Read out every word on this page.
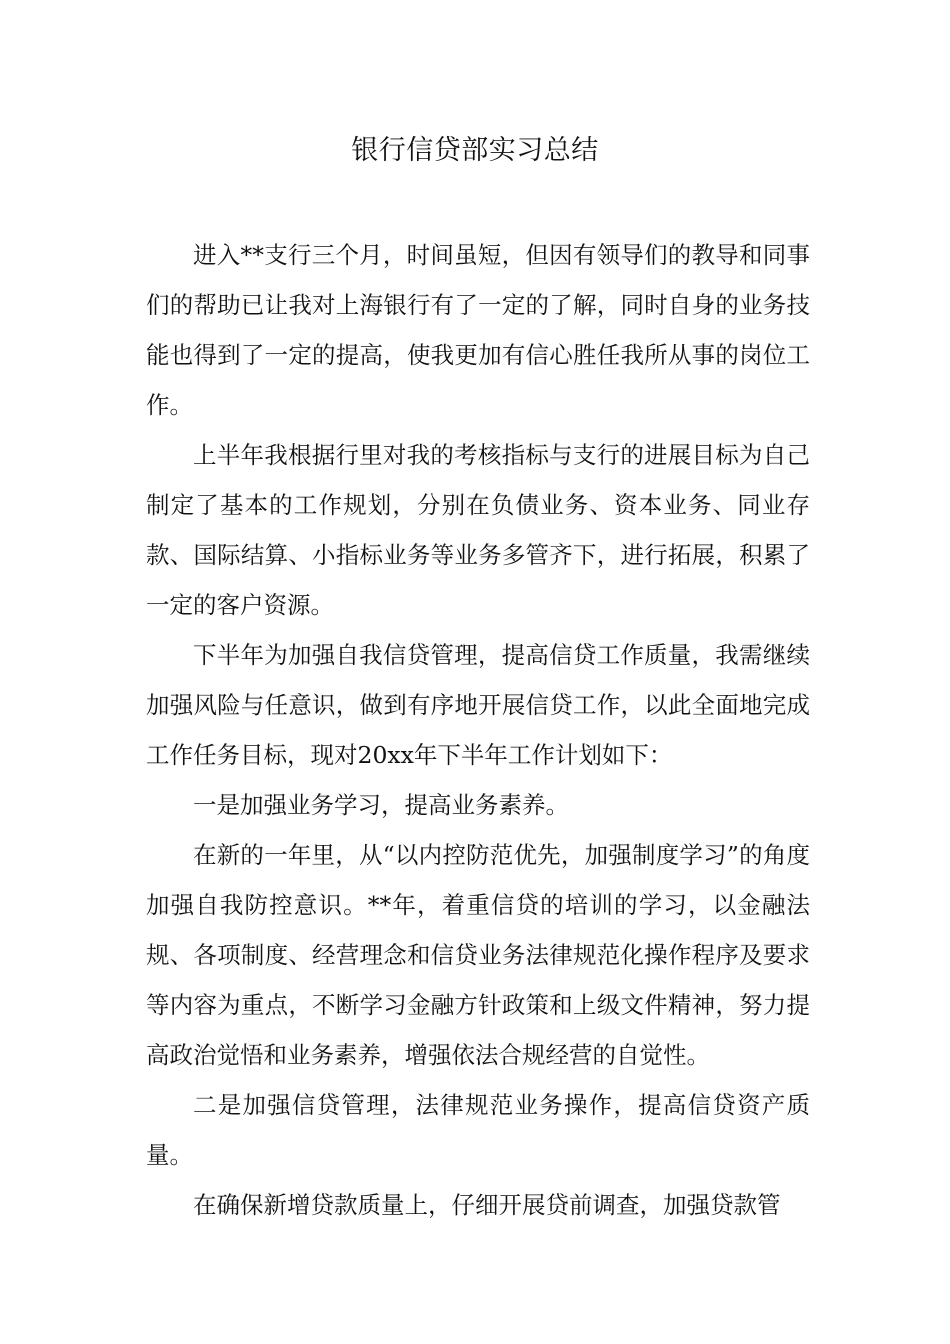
银行信贷部实习总结

进入**支行三个月，时间虽短，但因有领导们的教导和同事们的帮助已让我对上海银行有了一定的了解，同时自身的业务技能也得到了一定的提高，使我更加有信心胜任我所从事的岗位工作。

上半年我根据行里对我的考核指标与支行的进展目标为自己制定了基本的工作规划，分别在负债业务、资本业务、同业存款、国际结算、小指标业务等业务多管齐下，进行拓展，积累了一定的客户资源。

下半年为加强自我信贷管理，提高信贷工作质量，我需继续加强风险与任意识，做到有序地开展信贷工作，以此全面地完成工作任务目标，现对20xx年下半年工作计划如下：

一是加强业务学习，提高业务素养。

在新的一年里，从“以内控防范优先，加强制度学习”的角度加强自我防控意识。**年，着重信贷的培训的学习，以金融法规、各项制度、经营理念和信贷业务法律规范化操作程序及要求等内容为重点，不断学习金融方针政策和上级文件精神，努力提高政治觉悟和业务素养，增强依法合规经营的自觉性。

二是加强信贷管理，法律规范业务操作，提高信贷资产质量。

在确保新增贷款质量上，仔细开展贷前调查，加强贷款管
